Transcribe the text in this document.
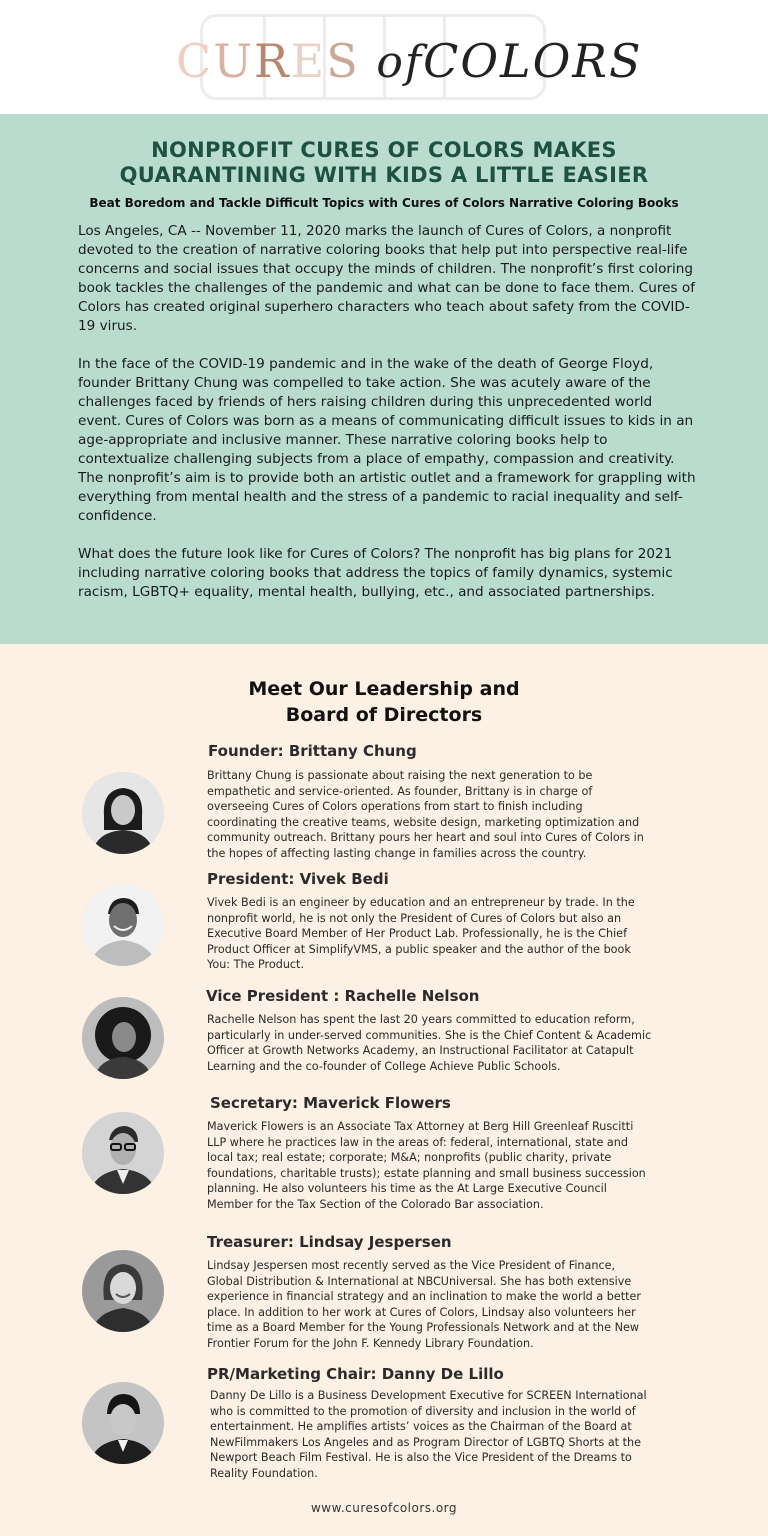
CURES ofCOLORS
NONPROFIT CURES OF COLORS MAKES QUARANTINING WITH KIDS A LITTLE EASIER
Beat Boredom and Tackle Difficult Topics with Cures of Colors Narrative Coloring Books

Los Angeles, CA -- November 11, 2020 marks the launch of Cures of Colors, a nonprofit devoted to the creation of narrative coloring books that help put into perspective real-life concerns and social issues that occupy the minds of children. The nonprofit’s first coloring book tackles the challenges of the pandemic and what can be done to face them. Cures of Colors has created original superhero characters who teach about safety from the COVID-19 virus.

In the face of the COVID-19 pandemic and in the wake of the death of George Floyd, founder Brittany Chung was compelled to take action. She was acutely aware of the challenges faced by friends of hers raising children during this unprecedented world event. Cures of Colors was born as a means of communicating difficult issues to kids in an age-appropriate and inclusive manner. These narrative coloring books help to contextualize challenging subjects from a place of empathy, compassion and creativity. The nonprofit’s aim is to provide both an artistic outlet and a framework for grappling with everything from mental health and the stress of a pandemic to racial inequality and self-confidence.

What does the future look like for Cures of Colors? The nonprofit has big plans for 2021 including narrative coloring books that address the topics of family dynamics, systemic racism, LGBTQ+ equality, mental health, bullying, etc., and associated partnerships.

Meet Our Leadership and
Board of Directors
Founder: Brittany Chung
Brittany Chung is passionate about raising the next generation to be empathetic and service-oriented. As founder, Brittany is in charge of overseeing Cures of Colors operations from start to finish including coordinating the creative teams, website design, marketing optimization and community outreach. Brittany pours her heart and soul into Cures of Colors in the hopes of affecting lasting change in families across the country.
President: Vivek Bedi
Vivek Bedi is an engineer by education and an entrepreneur by trade. In the nonprofit world, he is not only the President of Cures of Colors but also an Executive Board Member of Her Product Lab. Professionally, he is the Chief Product Officer at SimplifyVMS, a public speaker and the author of the book You: The Product.
Vice President : Rachelle Nelson
Rachelle Nelson has spent the last 20 years committed to education reform, particularly in under-served communities. She is the Chief Content & Academic Officer at Growth Networks Academy, an Instructional Facilitator at Catapult Learning and the co-founder of College Achieve Public Schools.
Secretary: Maverick Flowers
Maverick Flowers is an Associate Tax Attorney at Berg Hill Greenleaf Ruscitti LLP where he practices law in the areas of: federal, international, state and local tax; real estate; corporate; M&A; nonprofits (public charity, private foundations, charitable trusts); estate planning and small business succession planning. He also volunteers his time as the At Large Executive Council Member for the Tax Section of the Colorado Bar association.
Treasurer: Lindsay Jespersen
Lindsay Jespersen most recently served as the Vice President of Finance, Global Distribution & International at NBCUniversal. She has both extensive experience in financial strategy and an inclination to make the world a better place. In addition to her work at Cures of Colors, Lindsay also volunteers her time as a Board Member for the Young Professionals Network and at the New Frontier Forum for the John F. Kennedy Library Foundation.
PR/Marketing Chair: Danny De Lillo
Danny De Lillo is a Business Development Executive for SCREEN International who is committed to the promotion of diversity and inclusion in the world of entertainment. He amplifies artists’ voices as the Chairman of the Board at NewFilmmakers Los Angeles and as Program Director of LGBTQ Shorts at the Newport Beach Film Festival. He is also the Vice President of the Dreams to Reality Foundation.
www.curesofcolors.org
